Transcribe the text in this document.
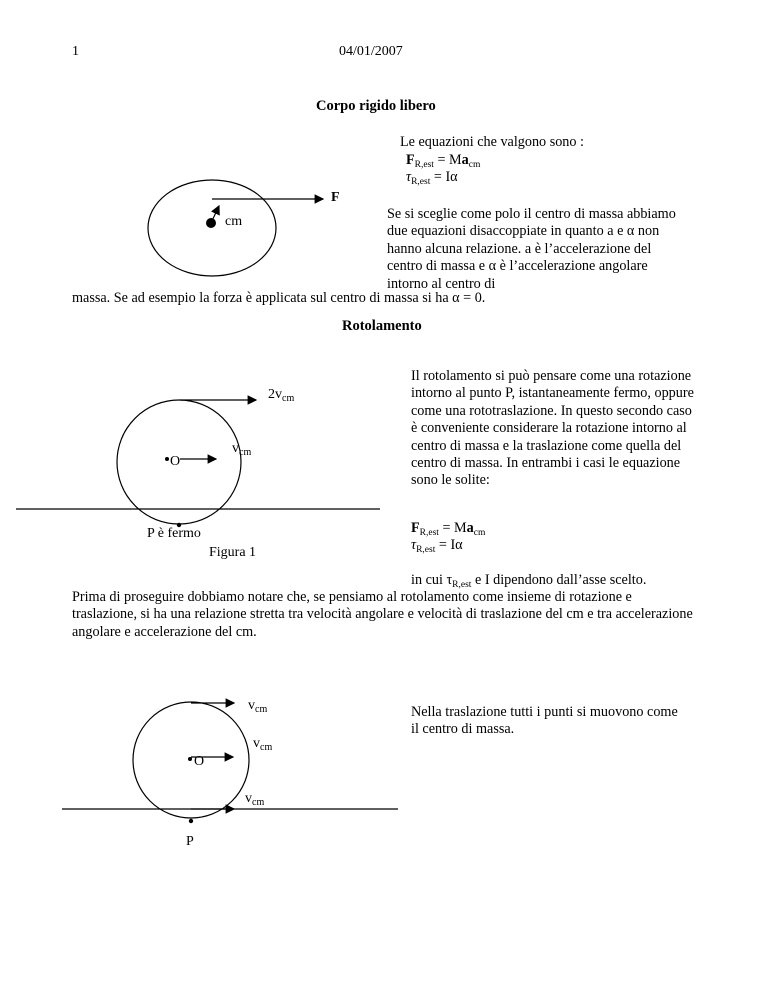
1	04/01/2007
Corpo rigido libero
Le equazioni che valgono sono :
$F_{R,est} = Ma_{cm}$
$\tau_{R,est} = I\alpha$
Se si sceglie come polo il centro di massa abbiamo due equazioni disaccoppiate in quanto a e α non hanno alcuna relazione. a è l’accelerazione del centro di massa e α è l’accelerazione angolare intorno al centro di
massa. Se ad esempio la forza è applicata sul centro di massa si ha α = 0.
F
cm
Rotolamento
$2v_{cm}$
$v_{cm}$
O
P è fermo
Figura 1
Il rotolamento si può pensare come una rotazione intorno al punto P, istantaneamente fermo, oppure come una rototraslazione. In questo secondo caso è conveniente considerare la rotazione intorno al centro di massa e la traslazione come quella del centro di massa. In entrambi i casi le equazione sono le solite:
$F_{R,est} = Ma_{cm}$
$\tau_{R,est} = I\alpha$
in cui $\tau_{R,est}$ e I dipendono dall’asse scelto.
Prima di proseguire dobbiamo notare che, se pensiamo al rotolamento come insieme di rotazione e traslazione, si ha una relazione stretta tra velocità angolare e velocità di traslazione del cm e tra accelerazione angolare e accelerazione del cm.
$v_{cm}$
$v_{cm}$
$v_{cm}$
O
P
Nella traslazione tutti i punti si muovono come il centro di massa.
